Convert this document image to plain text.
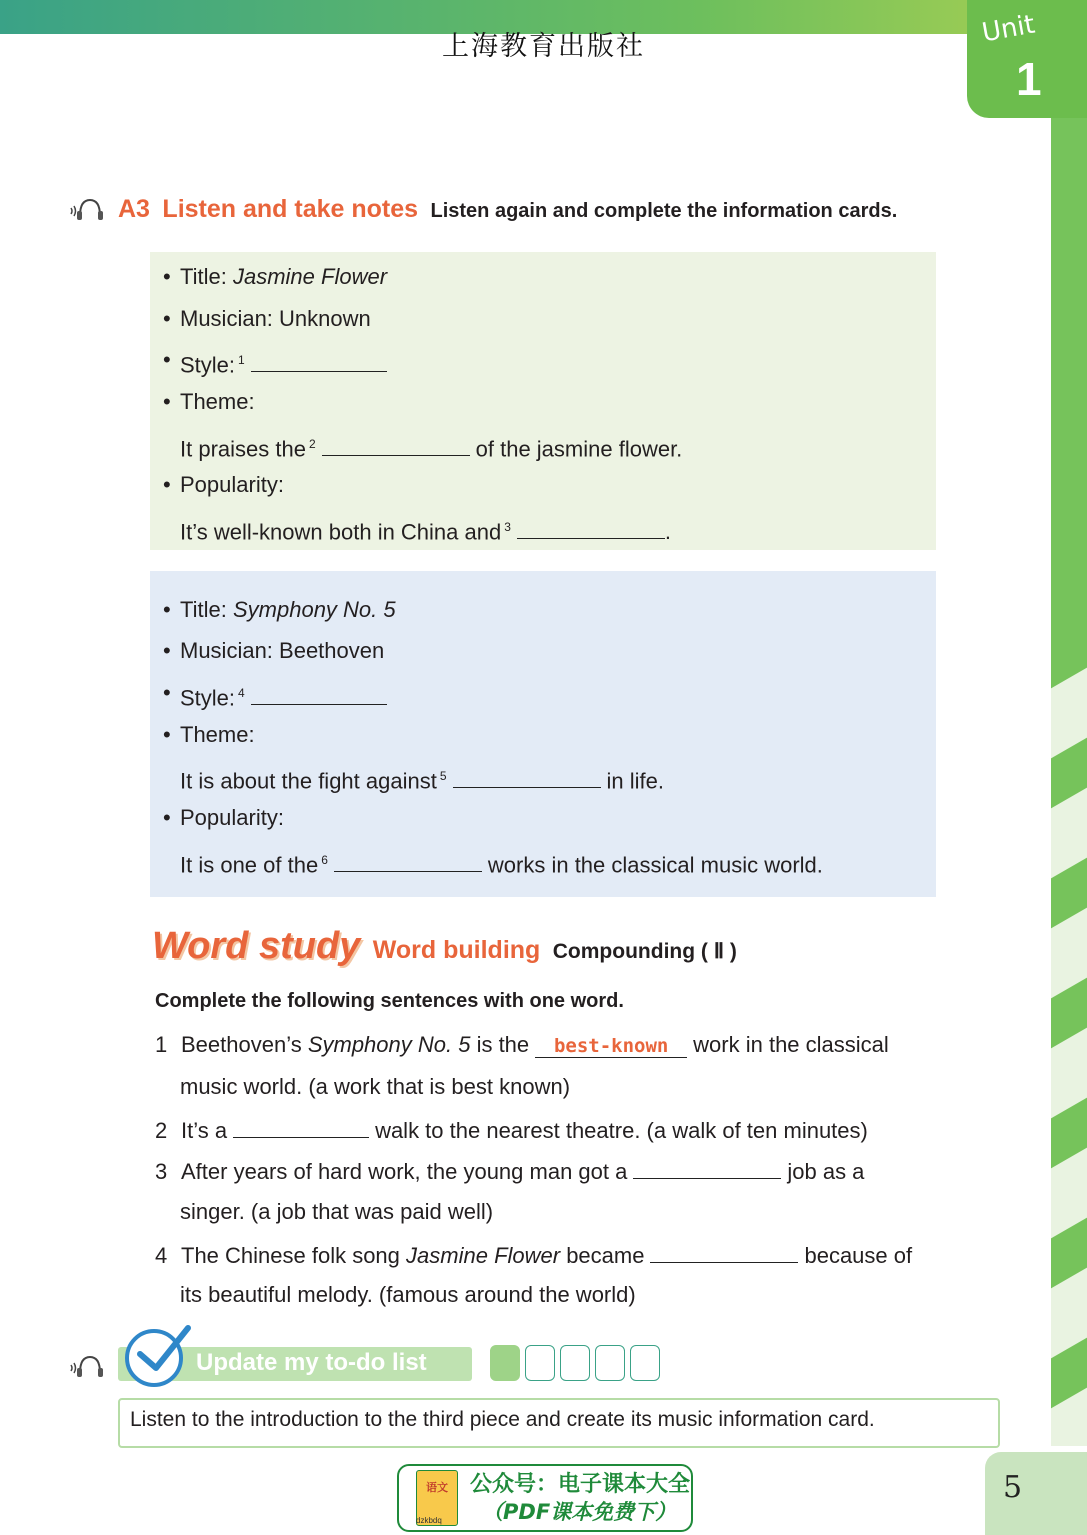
上海教育出版社	Unit
1
A3 Listen and take notes Listen again and complete the information cards.
• Title: Jasmine Flower
• Musician: Unknown
• Style: $^1$
• Theme:
It praises the $^2$	of the jasmine flower.
• Popularity:
It’s well-known both in China and $^3$	.
• Title: Symphony No. 5
• Musician: Beethoven
• Style: $^4$
• Theme:
It is about the fight against $^5$	in life.
• Popularity:
It is one of the $^6$	works in the classical music world.
Word study Word building Compounding ( Ⅱ )
Complete the following sentences with one word.
1 Beethoven’s Symphony No. 5 is the best-known work in the classical
music world. (a work that is best known)
2 It’s a	walk to the nearest theatre. (a walk of ten minutes)
3 After years of hard work, the young man got a	job as a
singer. (a job that was paid well)
4 The Chinese folk song Jasmine Flower became	because of
its beautiful melody. (famous around the world)
Update my to-do list
Listen to the introduction to the third piece and create its music information card.
语文
dzkbdq
公众号：电子课本大全
（PDF课本免费下）
5
